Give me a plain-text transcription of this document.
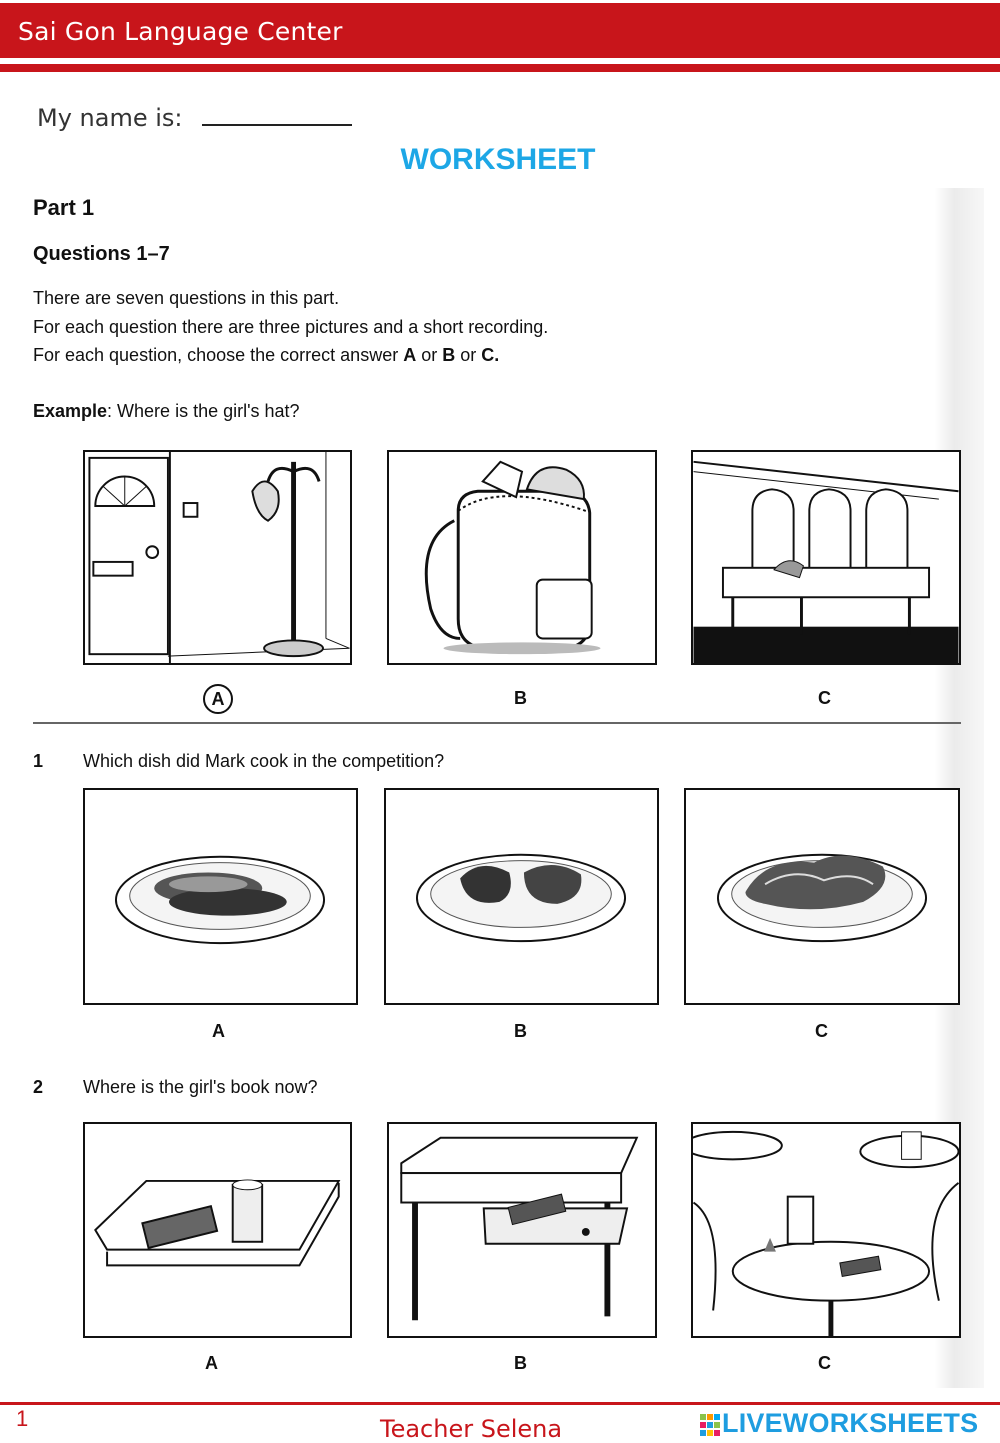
Sai Gon Language Center
My name is:
WORKSHEET
Part 1
Questions 1–7
There are seven questions in this part.
For each question there are three pictures and a short recording.
For each question, choose the correct answer A or B or C.
Example: Where is the girl's hat?
A	B	C
1 Which dish did Mark cook in the competition?
A	B	C
2 Where is the girl's book now?
A	B	C
1	Teacher Selena	LIVEWORKSHEETS
